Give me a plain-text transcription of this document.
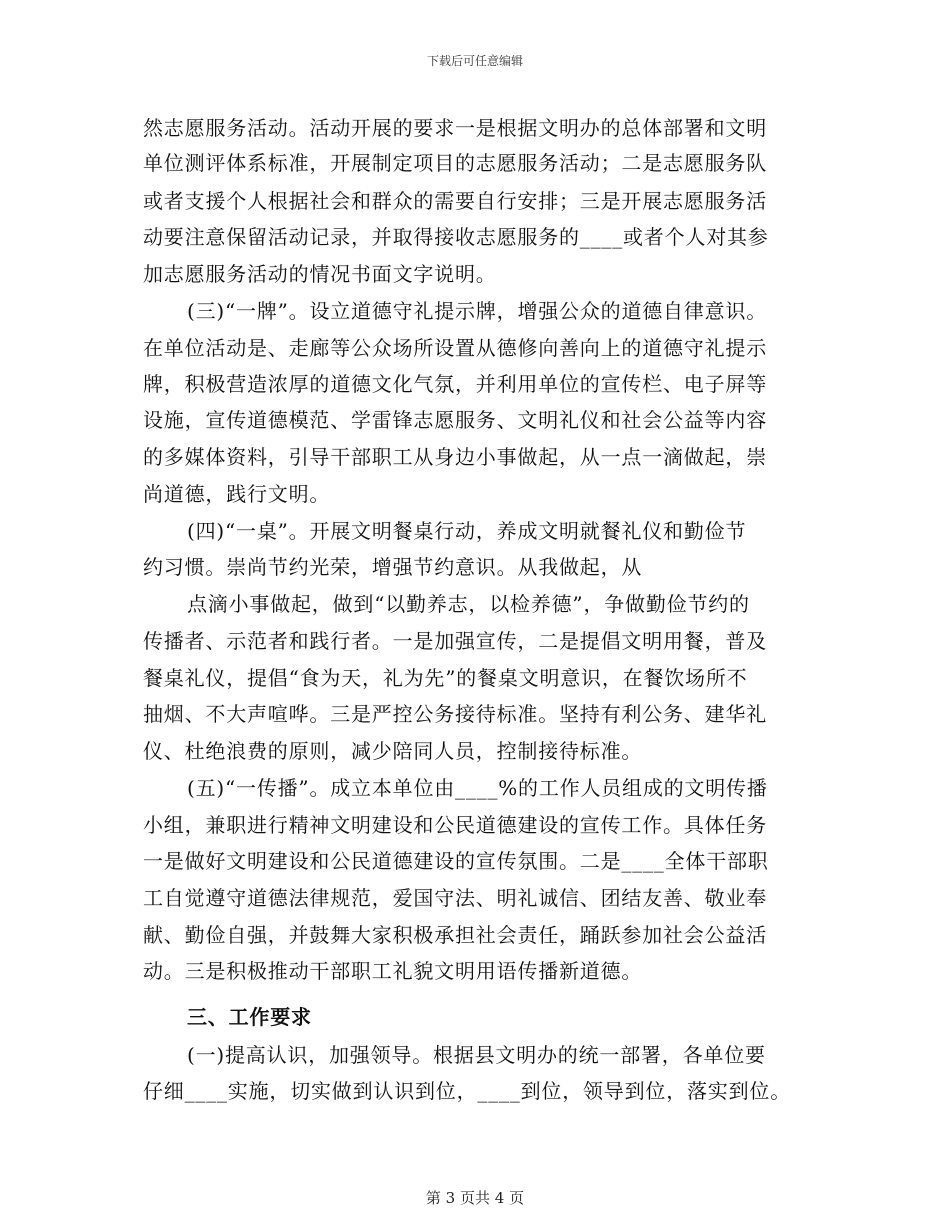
下载后可任意编辑
然志愿服务活动。活动开展的要求一是根据文明办的总体部署和文明
单位测评体系标准，开展制定项目的志愿服务活动；二是志愿服务队
或者支援个人根据社会和群众的需要自行安排；三是开展志愿服务活
动要注意保留活动记录，并取得接收志愿服务的____或者个人对其参
加志愿服务活动的情况书面文字说明。
(三)“一牌”。设立道德守礼提示牌，增强公众的道德自律意识。
在单位活动是、走廊等公众场所设置从德修向善向上的道德守礼提示
牌，积极营造浓厚的道德文化气氛，并利用单位的宣传栏、电子屏等
设施，宣传道德模范、学雷锋志愿服务、文明礼仪和社会公益等内容
的多媒体资料，引导干部职工从身边小事做起，从一点一滴做起，崇
尚道德，践行文明。
(四)“一桌”。开展文明餐桌行动，养成文明就餐礼仪和勤俭节
约习惯。崇尚节约光荣，增强节约意识。从我做起，从
点滴小事做起，做到“以勤养志，以检养德”，争做勤俭节约的
传播者、示范者和践行者。一是加强宣传，二是提倡文明用餐，普及
餐桌礼仪，提倡“食为天，礼为先”的餐桌文明意识，在餐饮场所不
抽烟、不大声喧哗。三是严控公务接待标准。坚持有利公务、建华礼
仪、杜绝浪费的原则，减少陪同人员，控制接待标准。
(五)“一传播”。成立本单位由____%的工作人员组成的文明传播
小组，兼职进行精神文明建设和公民道德建设的宣传工作。具体任务
一是做好文明建设和公民道德建设的宣传氛围。二是____全体干部职
工自觉遵守道德法律规范，爱国守法、明礼诚信、团结友善、敬业奉
献、勤俭自强，并鼓舞大家积极承担社会责任，踊跃参加社会公益活
动。三是积极推动干部职工礼貌文明用语传播新道德。
三、工作要求
(一)提高认识，加强领导。根据县文明办的统一部署，各单位要
仔细____实施，切实做到认识到位，____到位，领导到位，落实到位。
第 3 页共 4 页
